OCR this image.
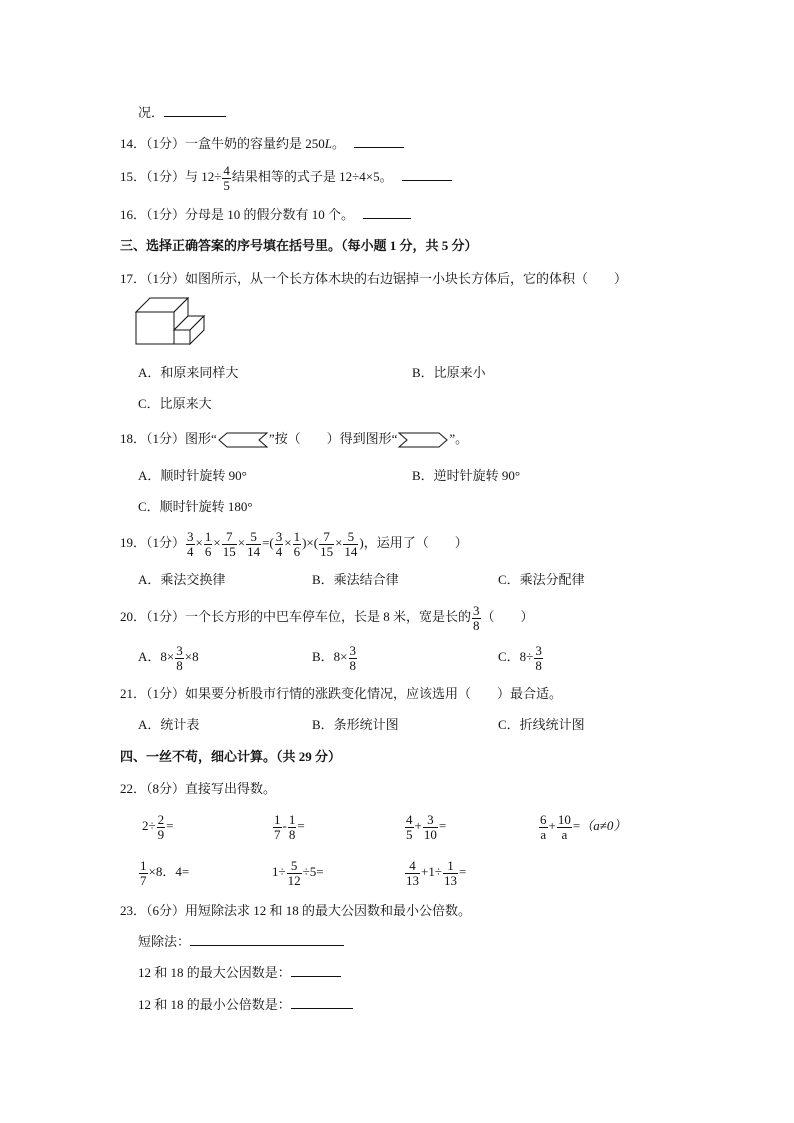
况．
14．（1分）一盒牛奶的容量约是 250L。
15．（1分）与 $12\div \frac{4}{5}$ 结果相等的式子是 12÷4×5。
16．（1分）分母是 10 的假分数有 10 个。
三、选择正确答案的序号填在括号里。（每小题 1 分，共 5 分）
17．（1分）如图所示，从一个长方体木块的右边锯掉一小块长方体后，它的体积（　　）
A．和原来同样大	B．比原来小
C．比原来大
18．（1分）图形“	”按（　　）得到图形“	”。
A．顺时针旋转 90°	B．逆时针旋转 90°
C．顺时针旋转 180°
19．（1分） $\frac{3}{4} \times \frac{1}{6} \times \frac{7}{15} \times \frac{5}{14}$ =( $\frac{3}{4} \times \frac{1}{6}$ )×( $\frac{7}{15} \times \frac{5}{14}$ )，运用了（　　）
A．乘法交换律	B．乘法结合律	C．乘法分配律
20．（1分）一个长方形的中巴车停车位，长是 8 米，宽是长的 $\frac{3}{8}$ （　　）
A．$8\times \frac{3}{8} \times 8$	B．$8\times \frac{3}{8}$	C．$8\div \frac{3}{8}$
21．（1分）如果要分析股市行情的涨跌变化情况，应该选用（　　）最合适。
A．统计表	B．条形统计图	C．折线统计图
四、一丝不苟，细心计算。（共 29 分）
22．（8分）直接写出得数。
$2\div \frac{2}{9}$ =	$\frac{1}{7} - \frac{1}{8}$ =	$\frac{4}{5} + \frac{3}{10}$ =	$\frac{6}{a} + \frac{10}{a} =(a\ne 0)$
$\frac{1}{7} \times 8$．4=	$1\div \frac{5}{12} \div 5=$	$\frac{4}{13} +1\div \frac{1}{13}$ =
23．（6分）用短除法求 12 和 18 的最大公因数和最小公倍数。
短除法：
12 和 18 的最大公因数是：
12 和 18 的最小公倍数是：
